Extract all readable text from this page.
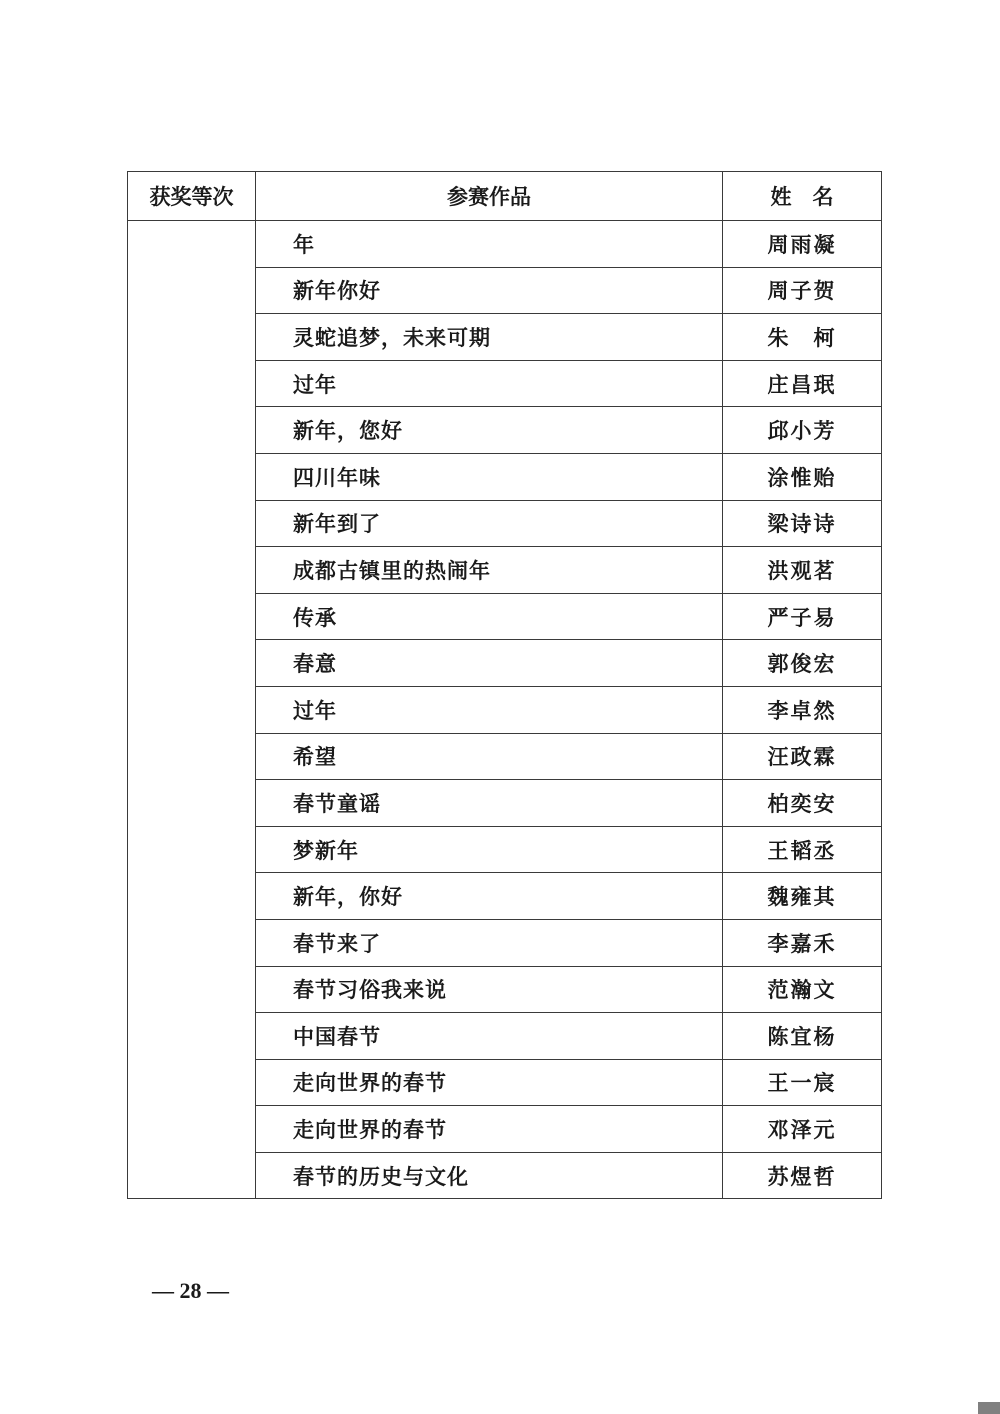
获奖等次	参赛作品	姓　名
	年	周雨凝
	新年你好	周子贺
	灵蛇追梦，未来可期	朱　柯
	过年	庄昌珉
	新年，您好	邱小芳
	四川年味	涂惟贻
	新年到了	梁诗诗
	成都古镇里的热闹年	洪观茗
	传承	严子易
	春意	郭俊宏
	过年	李卓然
	希望	汪政霖
	春节童谣	柏奕安
	梦新年	王韬丞
	新年，你好	魏雍其
	春节来了	李嘉禾
	春节习俗我来说	范瀚文
	中国春节	陈宜杨
	走向世界的春节	王一宸
	走向世界的春节	邓泽元
	春节的历史与文化	苏煜哲
— 28 —
